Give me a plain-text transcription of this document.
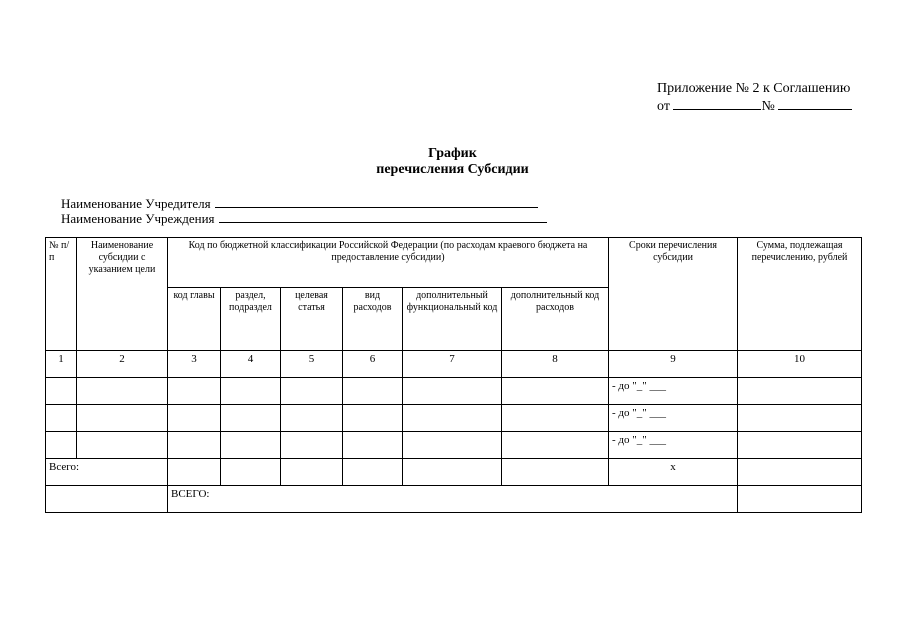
Приложение № 2 к Соглашению
от	№
График
перечисления Субсидии
Наименование Учредителя
Наименование Учреждения
№ п/п	Наименование субсидии с указанием цели	Код по бюджетной классификации Российской Федерации (по расходам краевого бюджета на предоставление субсидии)						Сроки перечисления субсидии	Сумма, подлежащая перечислению, рублей
		код главы	раздел, подраздел	целевая статья	вид расходов	дополнительный функциональный код	дополнительный код расходов		
1	2	3	4	5	6	7	8	9	10
								- до "_" ___	
								- до "_" ___	
								- до "_" ___	
Всего:								x	
		ВСЕГО:							
